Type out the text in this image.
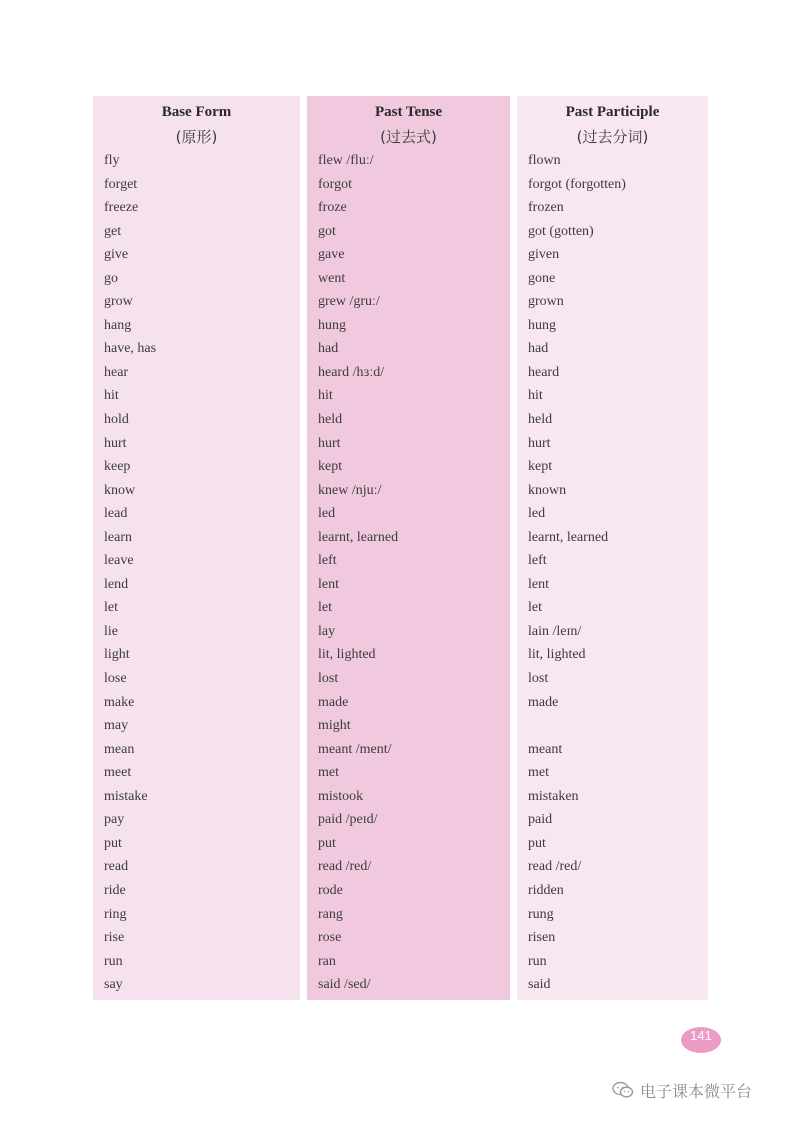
Base Form
(原形)
fly
forget
freeze
get
give
go
grow
hang
have, has
hear
hit
hold
hurt
keep
know
lead
learn
leave
lend
let
lie
light
lose
make
may
mean
meet
mistake
pay
put
read
ride
ring
rise
run
say
Past Tense
(过去式)
flew /fluː/
forgot
froze
got
gave
went
grew /gruː/
hung
had
heard /hɜːd/
hit
held
hurt
kept
knew /njuː/
led
learnt, learned
left
lent
let
lay
lit, lighted
lost
made
might
meant /ment/
met
mistook
paid /peɪd/
put
read /red/
rode
rang
rose
ran
said /sed/
Past Participle
(过去分词)
flown
forgot (forgotten)
frozen
got (gotten)
given
gone
grown
hung
had
heard
hit
held
hurt
kept
known
led
learnt, learned
left
lent
let
lain /leɪn/
lit, lighted
lost
made
meant
met
mistaken
paid
put
read /red/
ridden
rung
risen
run
said
141
电子课本微平台
